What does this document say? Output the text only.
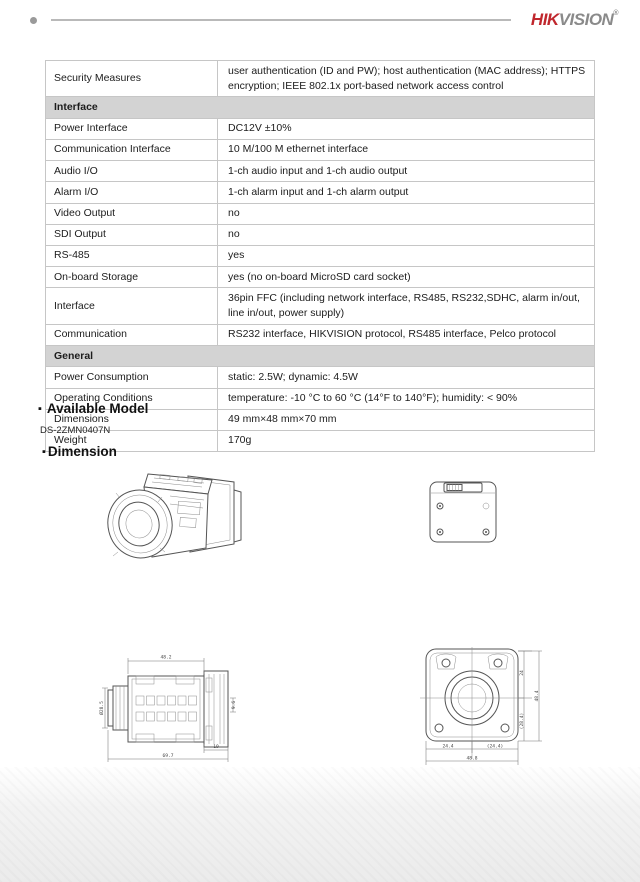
HIKVISION®
Security Measures	user authentication (ID and PW); host authentication (MAC address); HTTPS encryption; IEEE 802.1x port-based network access control
Interface	
Power Interface	DC12V ±10%
Communication Interface	10 M/100 M ethernet interface
Audio I/O	1-ch audio input and 1-ch audio output
Alarm I/O	1-ch alarm input and 1-ch alarm output
Video Output	no
SDI Output	no
RS-485	yes
On-board Storage	yes (no on-board MicroSD card socket)
Interface	36pin FFC (including network interface, RS485, RS232,SDHC, alarm in/out, line in/out, power supply)
Communication	RS232 interface, HIKVISION protocol, RS485 interface, Pelco protocol
General	
Power Consumption	static: 2.5W; dynamic: 4.5W
Operating Conditions	temperature: -10 °C to 60 °C (14°F to 140°F); humidity: < 90%
Dimensions	49 mm×48 mm×70 mm
Weight	170g
▪ Available Model
DS-2ZMN0407N
▪ Dimension
48.2
Ø28.5	9.6
19
69.7
24
(28.4)
48.4
24.4	(24.4)
48.8
